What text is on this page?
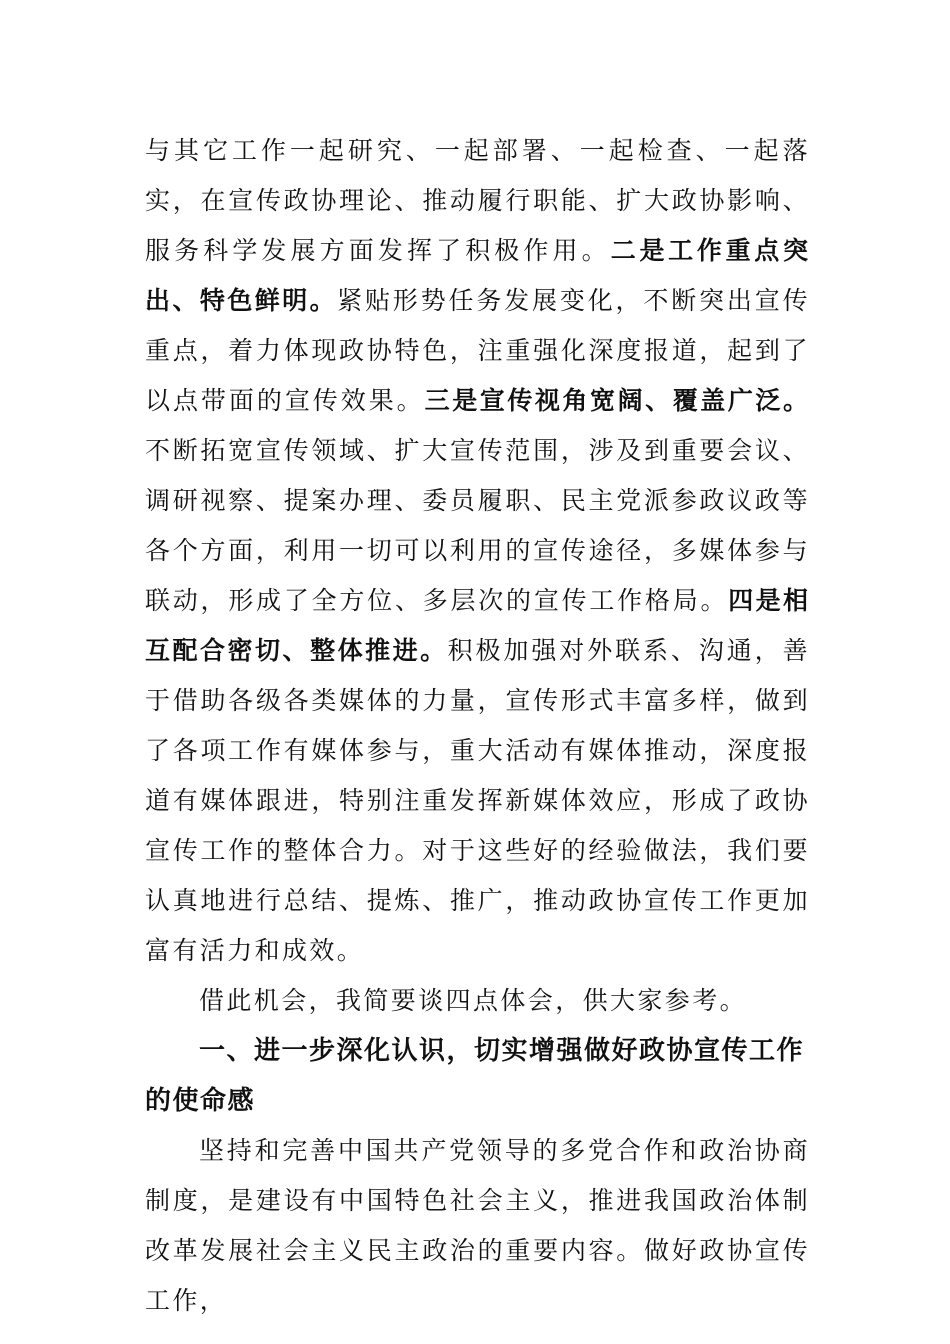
与其它工作一起研究、一起部署、一起检查、一起落实，在宣传政协理论、推动履行职能、扩大政协影响、服务科学发展方面发挥了积极作用。二是工作重点突出、特色鲜明。紧贴形势任务发展变化，不断突出宣传重点，着力体现政协特色，注重强化深度报道，起到了以点带面的宣传效果。三是宣传视角宽阔、覆盖广泛。不断拓宽宣传领域、扩大宣传范围，涉及到重要会议、调研视察、提案办理、委员履职、民主党派参政议政等各个方面，利用一切可以利用的宣传途径，多媒体参与联动，形成了全方位、多层次的宣传工作格局。四是相互配合密切、整体推进。积极加强对外联系、沟通，善于借助各级各类媒体的力量，宣传形式丰富多样，做到了各项工作有媒体参与，重大活动有媒体推动，深度报道有媒体跟进，特别注重发挥新媒体效应，形成了政协宣传工作的整体合力。对于这些好的经验做法，我们要认真地进行总结、提炼、推广，推动政协宣传工作更加富有活力和成效。

借此机会，我简要谈四点体会，供大家参考。

一、进一步深化认识，切实增强做好政协宣传工作的使命感

坚持和完善中国共产党领导的多党合作和政治协商制度，是建设有中国特色社会主义，推进我国政治体制改革发展社会主义民主政治的重要内容。做好政协宣传工作，
